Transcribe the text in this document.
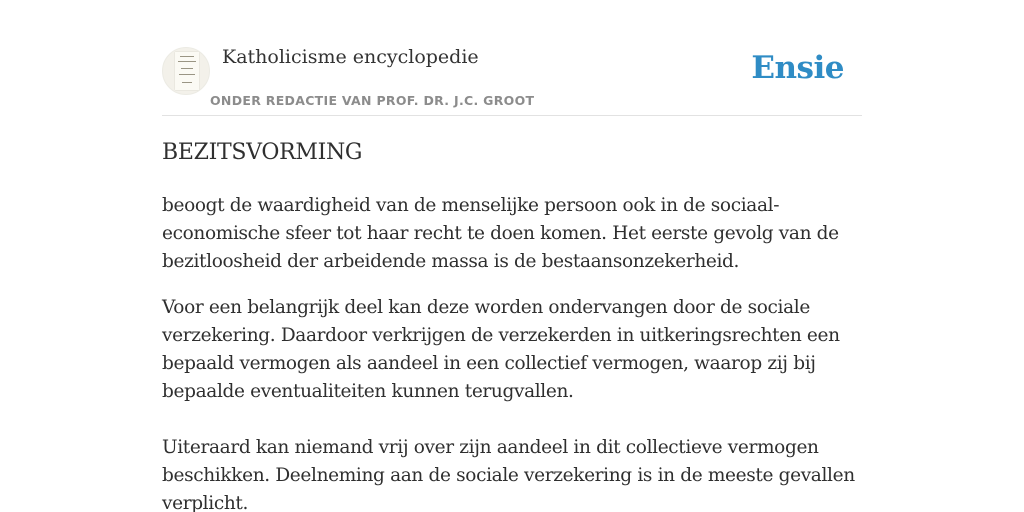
Katholicisme encyclopedie
ONDER REDACTIE VAN PROF. DR. J.C. GROOT
Ensie
BEZITSVORMING

beoogt de waardigheid van de menselijke persoon ook in de sociaal-economische sfeer tot haar recht te doen komen. Het eerste gevolg van de bezitloosheid der arbeidende massa is de bestaansonzekerheid.

Voor een belangrijk deel kan deze worden ondervangen door de sociale verzekering. Daardoor verkrijgen de verzekerden in uitkeringsrechten een bepaald vermogen als aandeel in een collectief vermogen, waarop zij bij bepaalde eventualiteiten kunnen terugvallen.

Uiteraard kan niemand vrij over zijn aandeel in dit collectieve vermogen beschikken. Deelneming aan de sociale verzekering is in de meeste gevallen verplicht.
